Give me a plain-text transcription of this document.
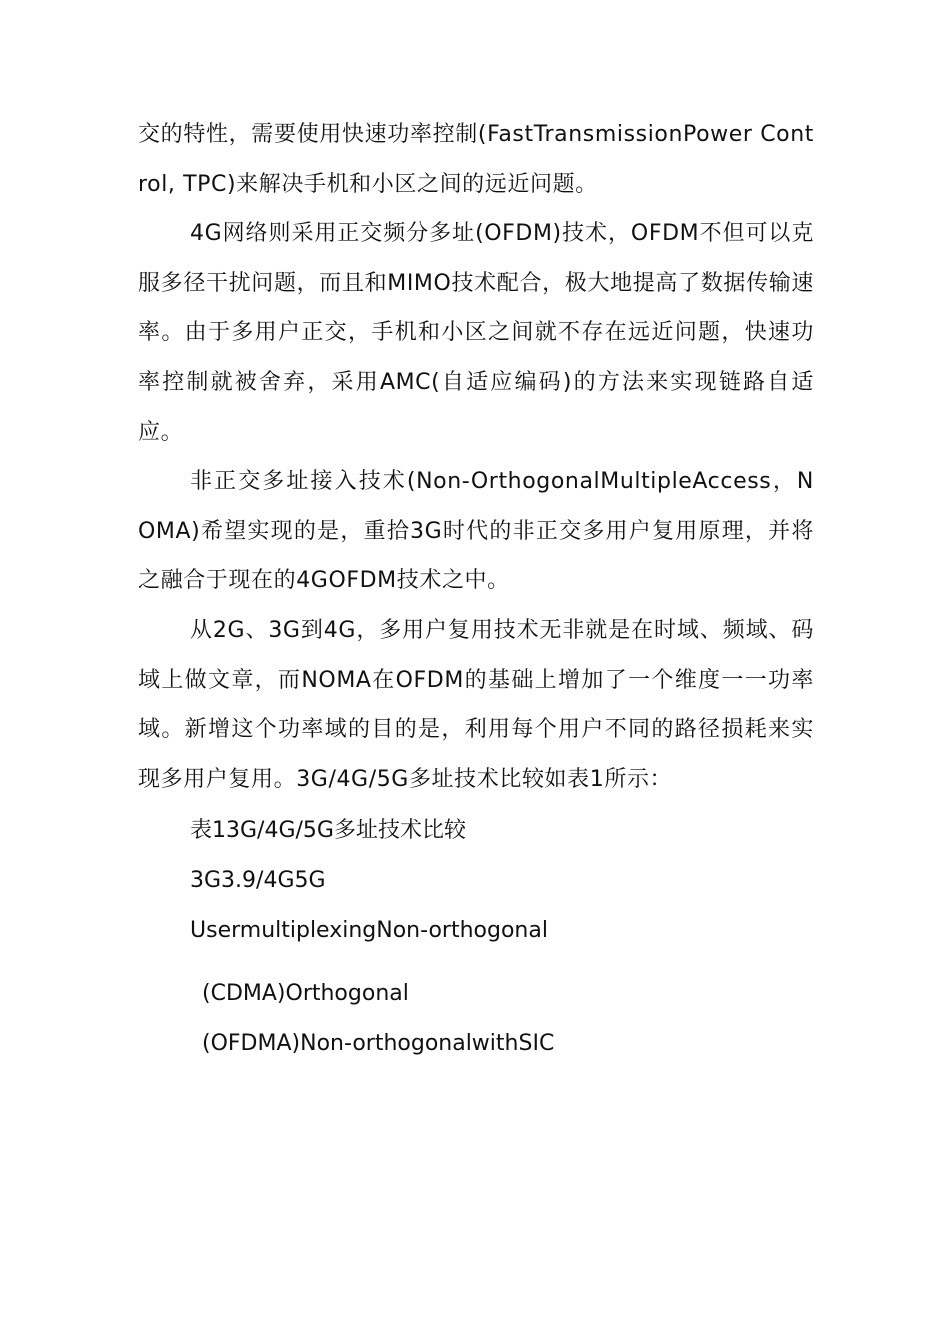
交的特性，需要使用快速功率控制(FastTransmissionPower Control, TPC)来解决手机和小区之间的远近问题。

4G网络则采用正交频分多址(OFDM)技术，OFDM不但可以克服多径干扰问题，而且和MIMO技术配合，极大地提高了数据传输速率。由于多用户正交，手机和小区之间就不存在远近问题，快速功率控制就被舍弃，采用AMC(自适应编码)的方法来实现链路自适应。

非正交多址接入技术(Non-OrthogonalMultipleAccess，NOMA)希望实现的是，重拾3G时代的非正交多用户复用原理，并将之融合于现在的4GOFDM技术之中。

从2G、3G到4G，多用户复用技术无非就是在时域、频域、码域上做文章，而NOMA在OFDM的基础上增加了一个维度一一功率域。新增这个功率域的目的是，利用每个用户不同的路径损耗来实现多用户复用。3G/4G/5G多址技术比较如表1所示：

表13G/4G/5G多址技术比较

3G3.9/4G5G

UsermultiplexingNon-orthogonal

(CDMA)Orthogonal

(OFDMA)Non-orthogonalwithSIC
